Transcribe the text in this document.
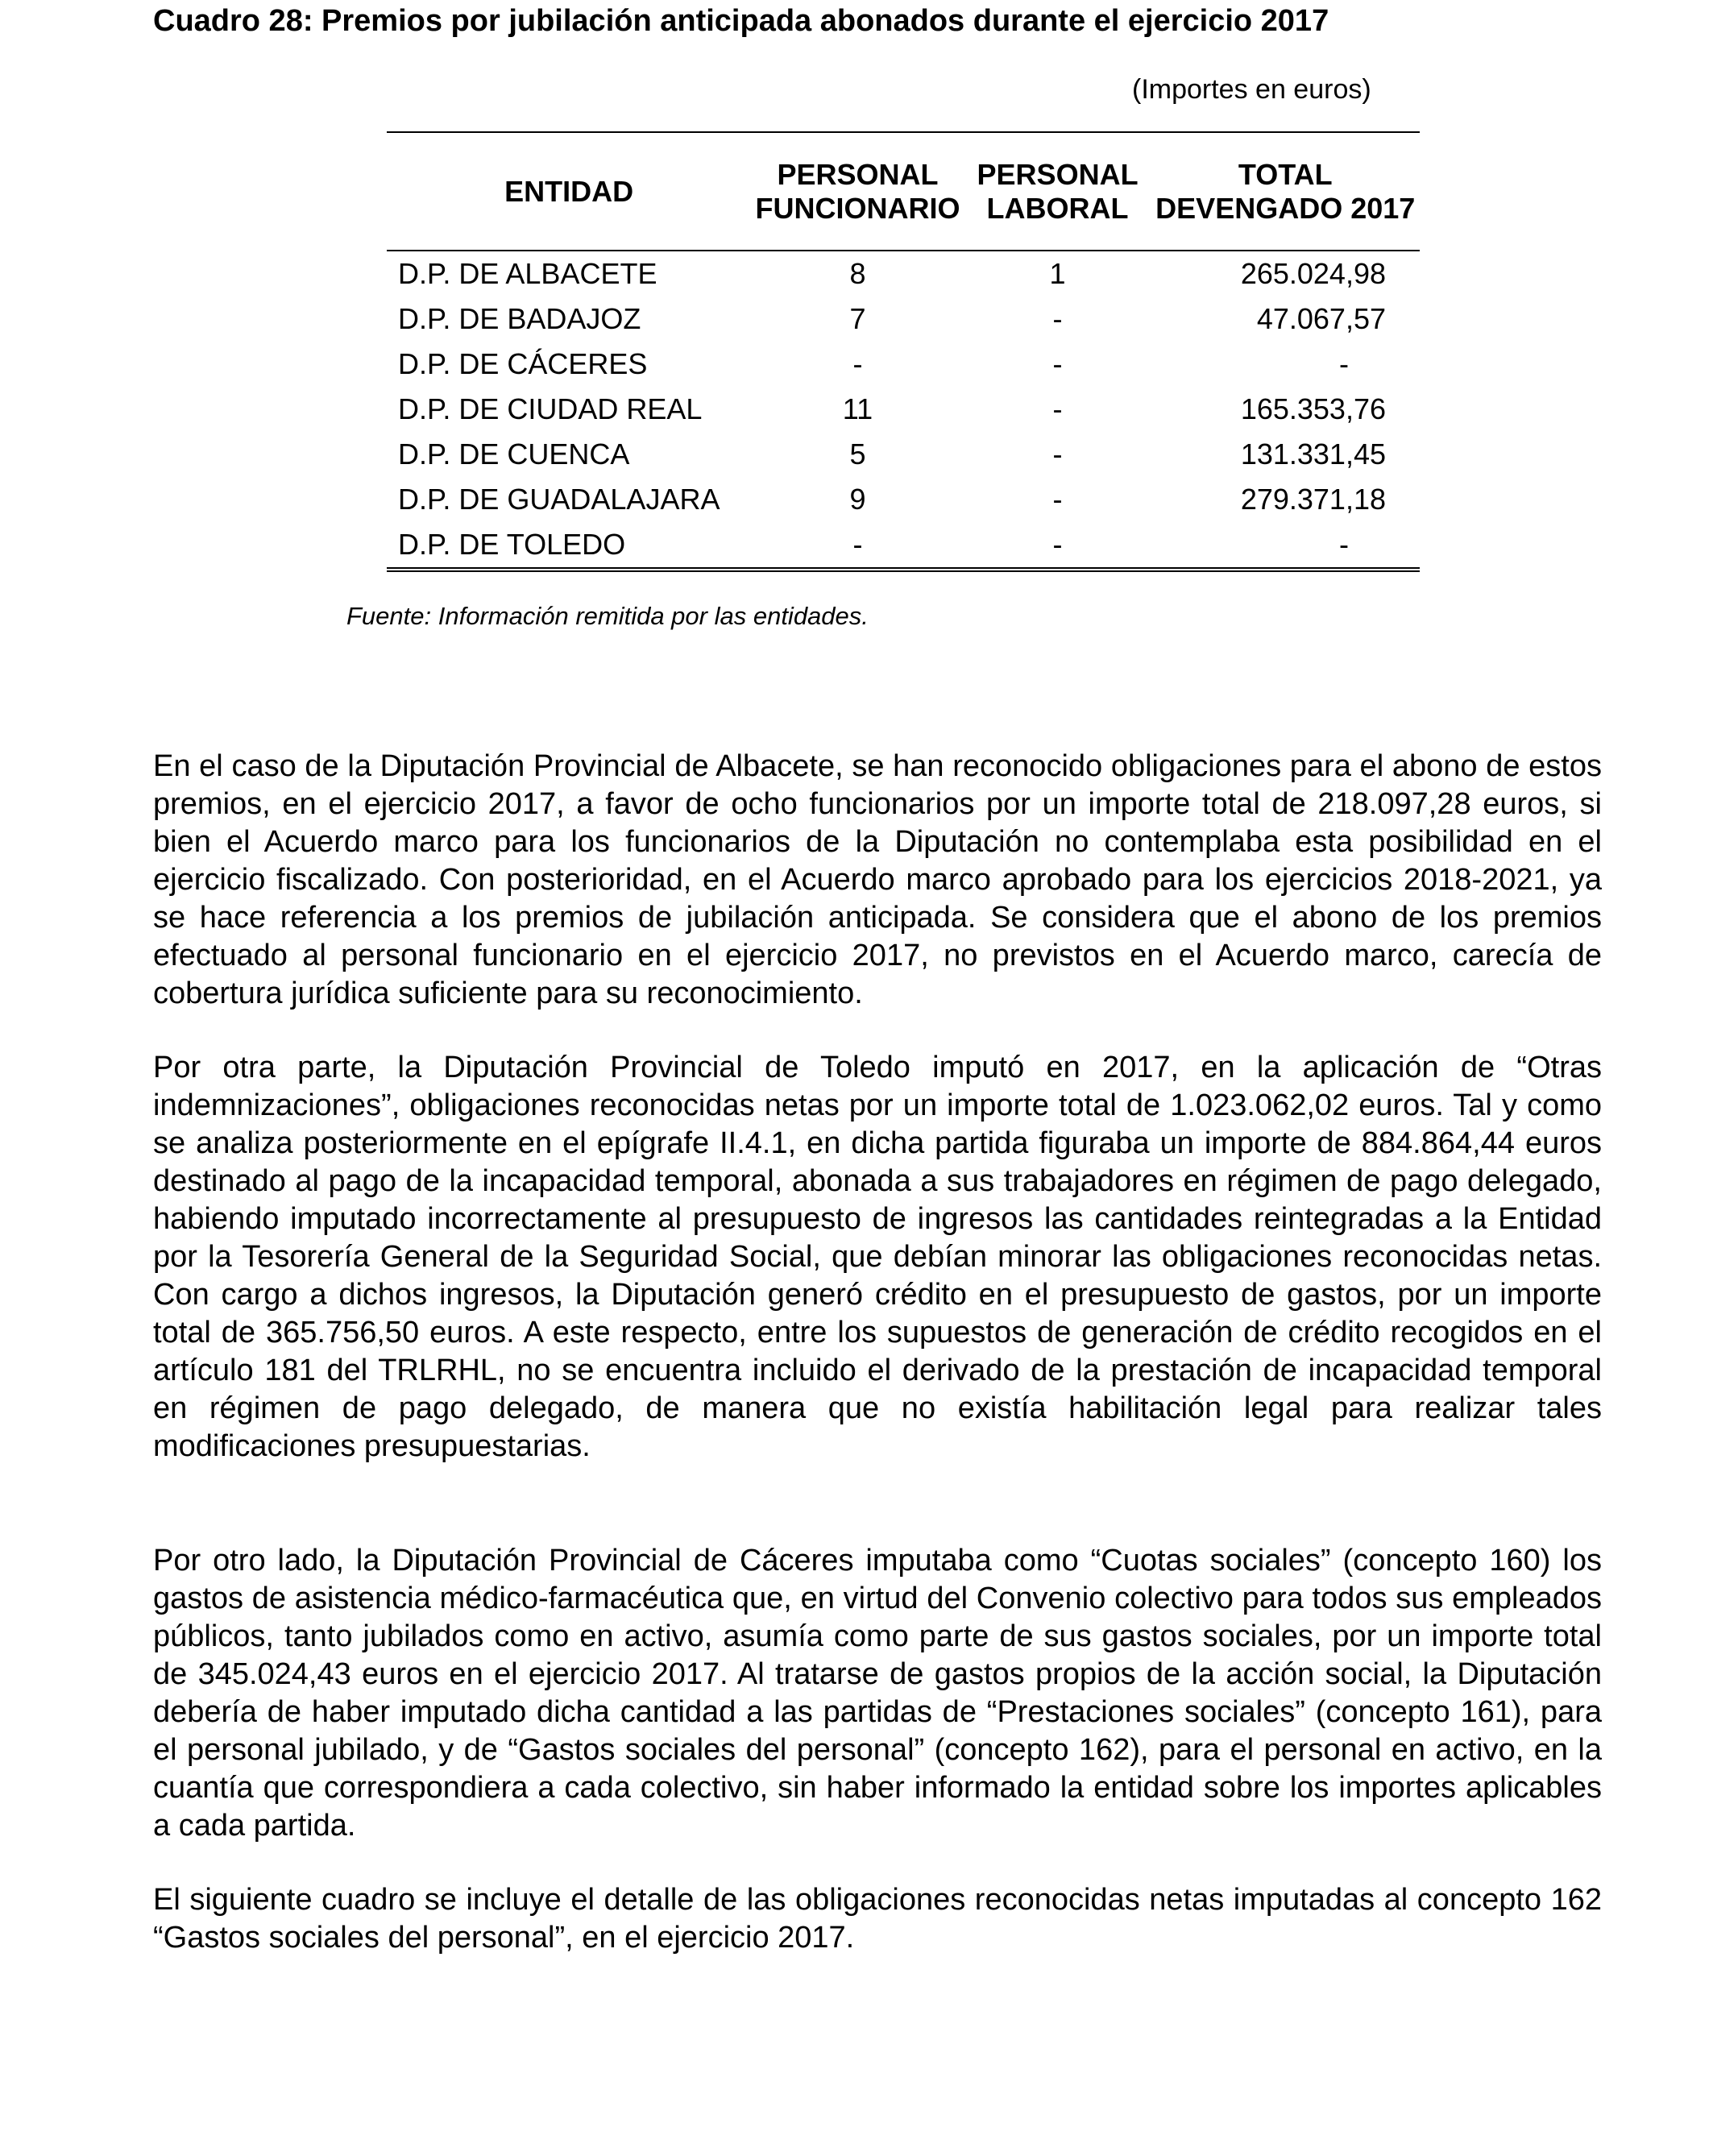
Cuadro 28: Premios por jubilación anticipada abonados durante el ejercicio 2017
(Importes en euros)
ENTIDAD	PERSONAL FUNCIONARIO	PERSONAL LABORAL	TOTAL DEVENGADO 2017
D.P. DE ALBACETE	8	1	265.024,98
D.P. DE BADAJOZ	7	-	47.067,57
D.P. DE CÁCERES	-	-	-
D.P. DE CIUDAD REAL	11	-	165.353,76
D.P. DE CUENCA	5	-	131.331,45
D.P. DE GUADALAJARA	9	-	279.371,18
D.P. DE TOLEDO	-	-	-
Fuente: Información remitida por las entidades.

En el caso de la Diputación Provincial de Albacete, se han reconocido obligaciones para el abono de estos premios, en el ejercicio 2017, a favor de ocho funcionarios por un importe total de 218.097,28 euros, si bien el Acuerdo marco para los funcionarios de la Diputación no contemplaba esta posibilidad en el ejercicio fiscalizado. Con posterioridad, en el Acuerdo marco aprobado para los ejercicios 2018-2021, ya se hace referencia a los premios de jubilación anticipada. Se considera que el abono de los premios efectuado al personal funcionario en el ejercicio 2017, no previstos en el Acuerdo marco, carecía de cobertura jurídica suficiente para su reconocimiento.

Por otra parte, la Diputación Provincial de Toledo imputó en 2017, en la aplicación de “Otras indemnizaciones”, obligaciones reconocidas netas por un importe total de 1.023.062,02 euros. Tal y como se analiza posteriormente en el epígrafe II.4.1, en dicha partida figuraba un importe de 884.864,44 euros destinado al pago de la incapacidad temporal, abonada a sus trabajadores en régimen de pago delegado, habiendo imputado incorrectamente al presupuesto de ingresos las cantidades reintegradas a la Entidad por la Tesorería General de la Seguridad Social, que debían minorar las obligaciones reconocidas netas. Con cargo a dichos ingresos, la Diputación generó crédito en el presupuesto de gastos, por un importe total de 365.756,50 euros. A este respecto, entre los supuestos de generación de crédito recogidos en el artículo 181 del TRLRHL, no se encuentra incluido el derivado de la prestación de incapacidad temporal en régimen de pago delegado, de manera que no existía habilitación legal para realizar tales modificaciones presupuestarias.

Por otro lado, la Diputación Provincial de Cáceres imputaba como “Cuotas sociales” (concepto 160) los gastos de asistencia médico-farmacéutica que, en virtud del Convenio colectivo para todos sus empleados públicos, tanto jubilados como en activo, asumía como parte de sus gastos sociales, por un importe total de 345.024,43 euros en el ejercicio 2017. Al tratarse de gastos propios de la acción social, la Diputación debería de haber imputado dicha cantidad a las partidas de “Prestaciones sociales” (concepto 161), para el personal jubilado, y de “Gastos sociales del personal” (concepto 162), para el personal en activo, en la cuantía que correspondiera a cada colectivo, sin haber informado la entidad sobre los importes aplicables a cada partida.

El siguiente cuadro se incluye el detalle de las obligaciones reconocidas netas imputadas al concepto 162 “Gastos sociales del personal”, en el ejercicio 2017.
